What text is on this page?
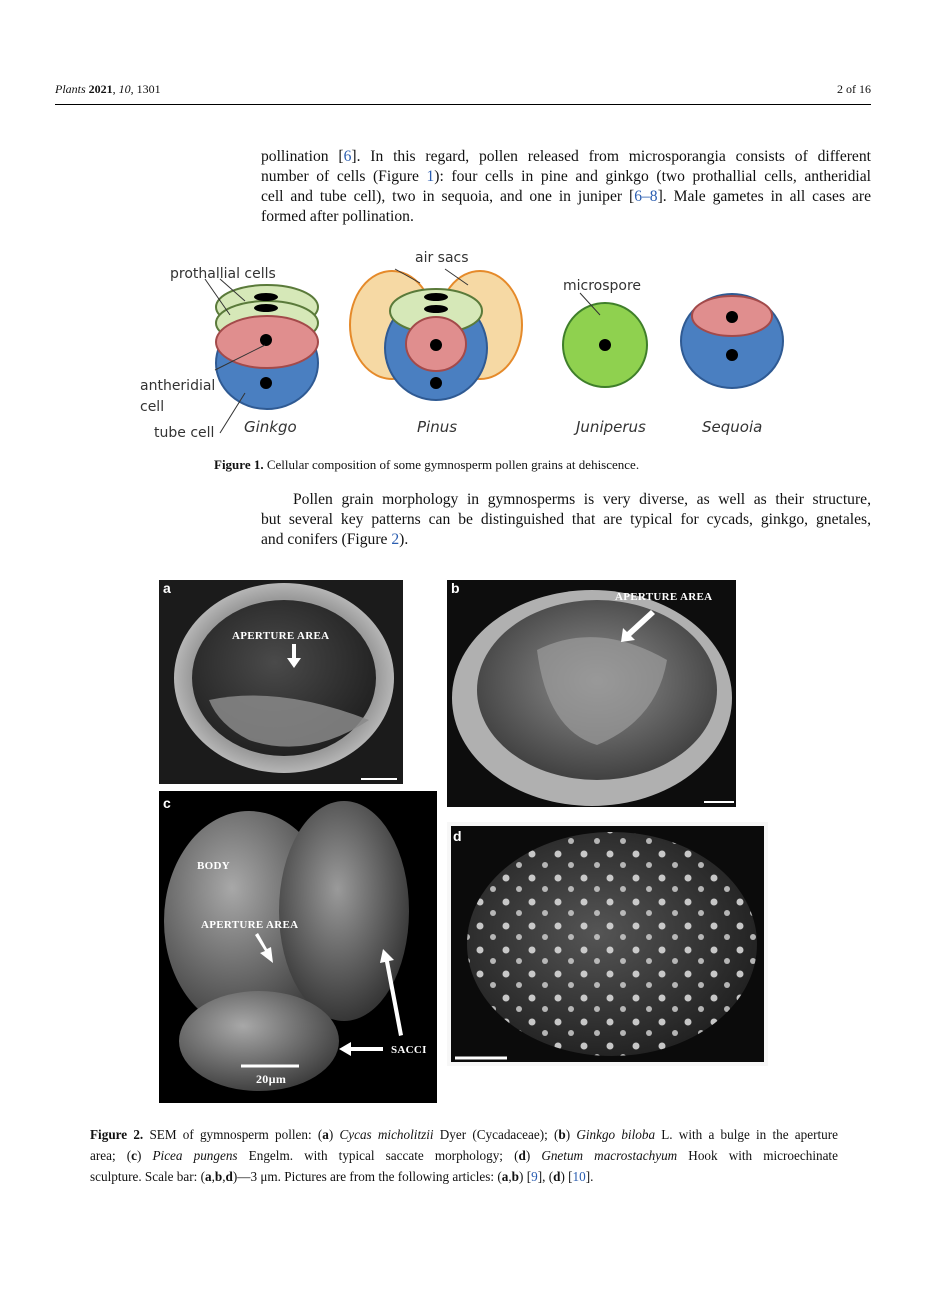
Plants 2021, 10, 1301	2 of 16
pollination [6]. In this regard, pollen released from microsporangia consists of different
number of cells (Figure 1): four cells in pine and ginkgo (two prothallial cells, antheridial
cell and tube cell), two in sequoia, and one in juniper [6–8]. Male gametes in all cases are
formed after pollination.
prothallial cells
air sacs
microspore
antheridial
cell
tube cell Ginkgo	Pinus	Juniperus	Sequoia
Figure 1. Cellular composition of some gymnosperm pollen grains at dehiscence.
Pollen grain morphology in gymnosperms is very diverse, as well as their structure,
but several key patterns can be distinguished that are typical for cycads, ginkgo, gnetales,
and conifers (Figure 2).
a
APERTURE AREA
b
APERTURE AREA
c
BODY
APERTURE AREA
SACCI
20µm
d
Figure 2. SEM of gymnosperm pollen: (a) Cycas micholitzii Dyer (Cycadaceae); (b) Ginkgo biloba L. with a bulge in the aperture
area; (c) Picea pungens Engelm. with typical saccate morphology; (d) Gnetum macrostachyum Hook with microechinate
sculpture. Scale bar: (a,b,d)—3 μm. Pictures are from the following articles: (a,b) [9], (d) [10].
